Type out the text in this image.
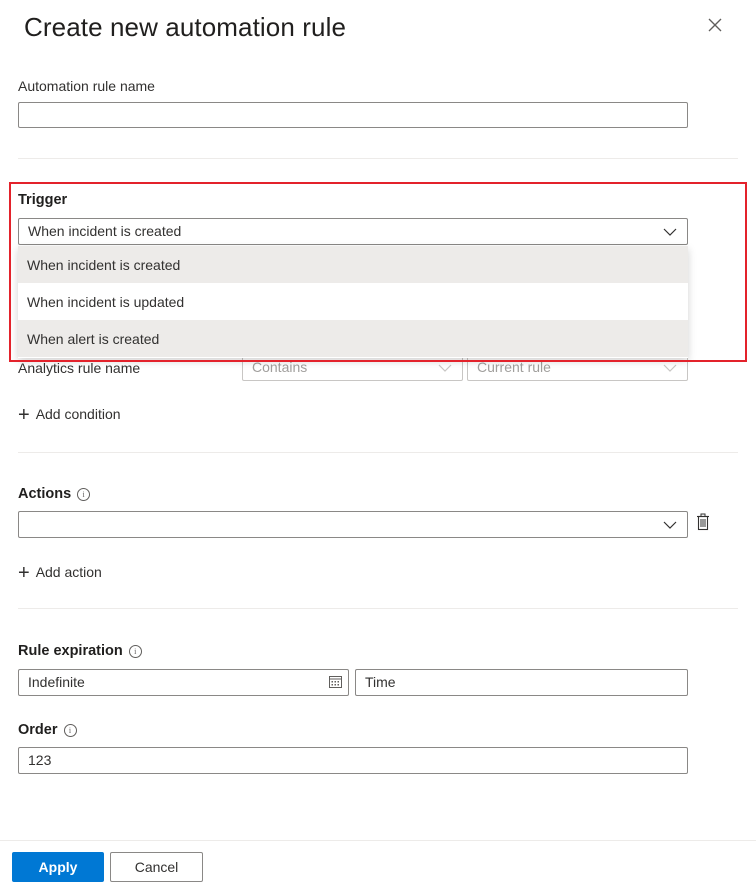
Create new automation rule
Automation rule name
Analytics rule name	Contains	Current rule
+ Add condition
Trigger
When incident is created
When incident is created
When incident is updated
When alert is created
Actions i
+ Add action
Rule expiration i
Indefinite	Time
Order i
123
Apply	Cancel
